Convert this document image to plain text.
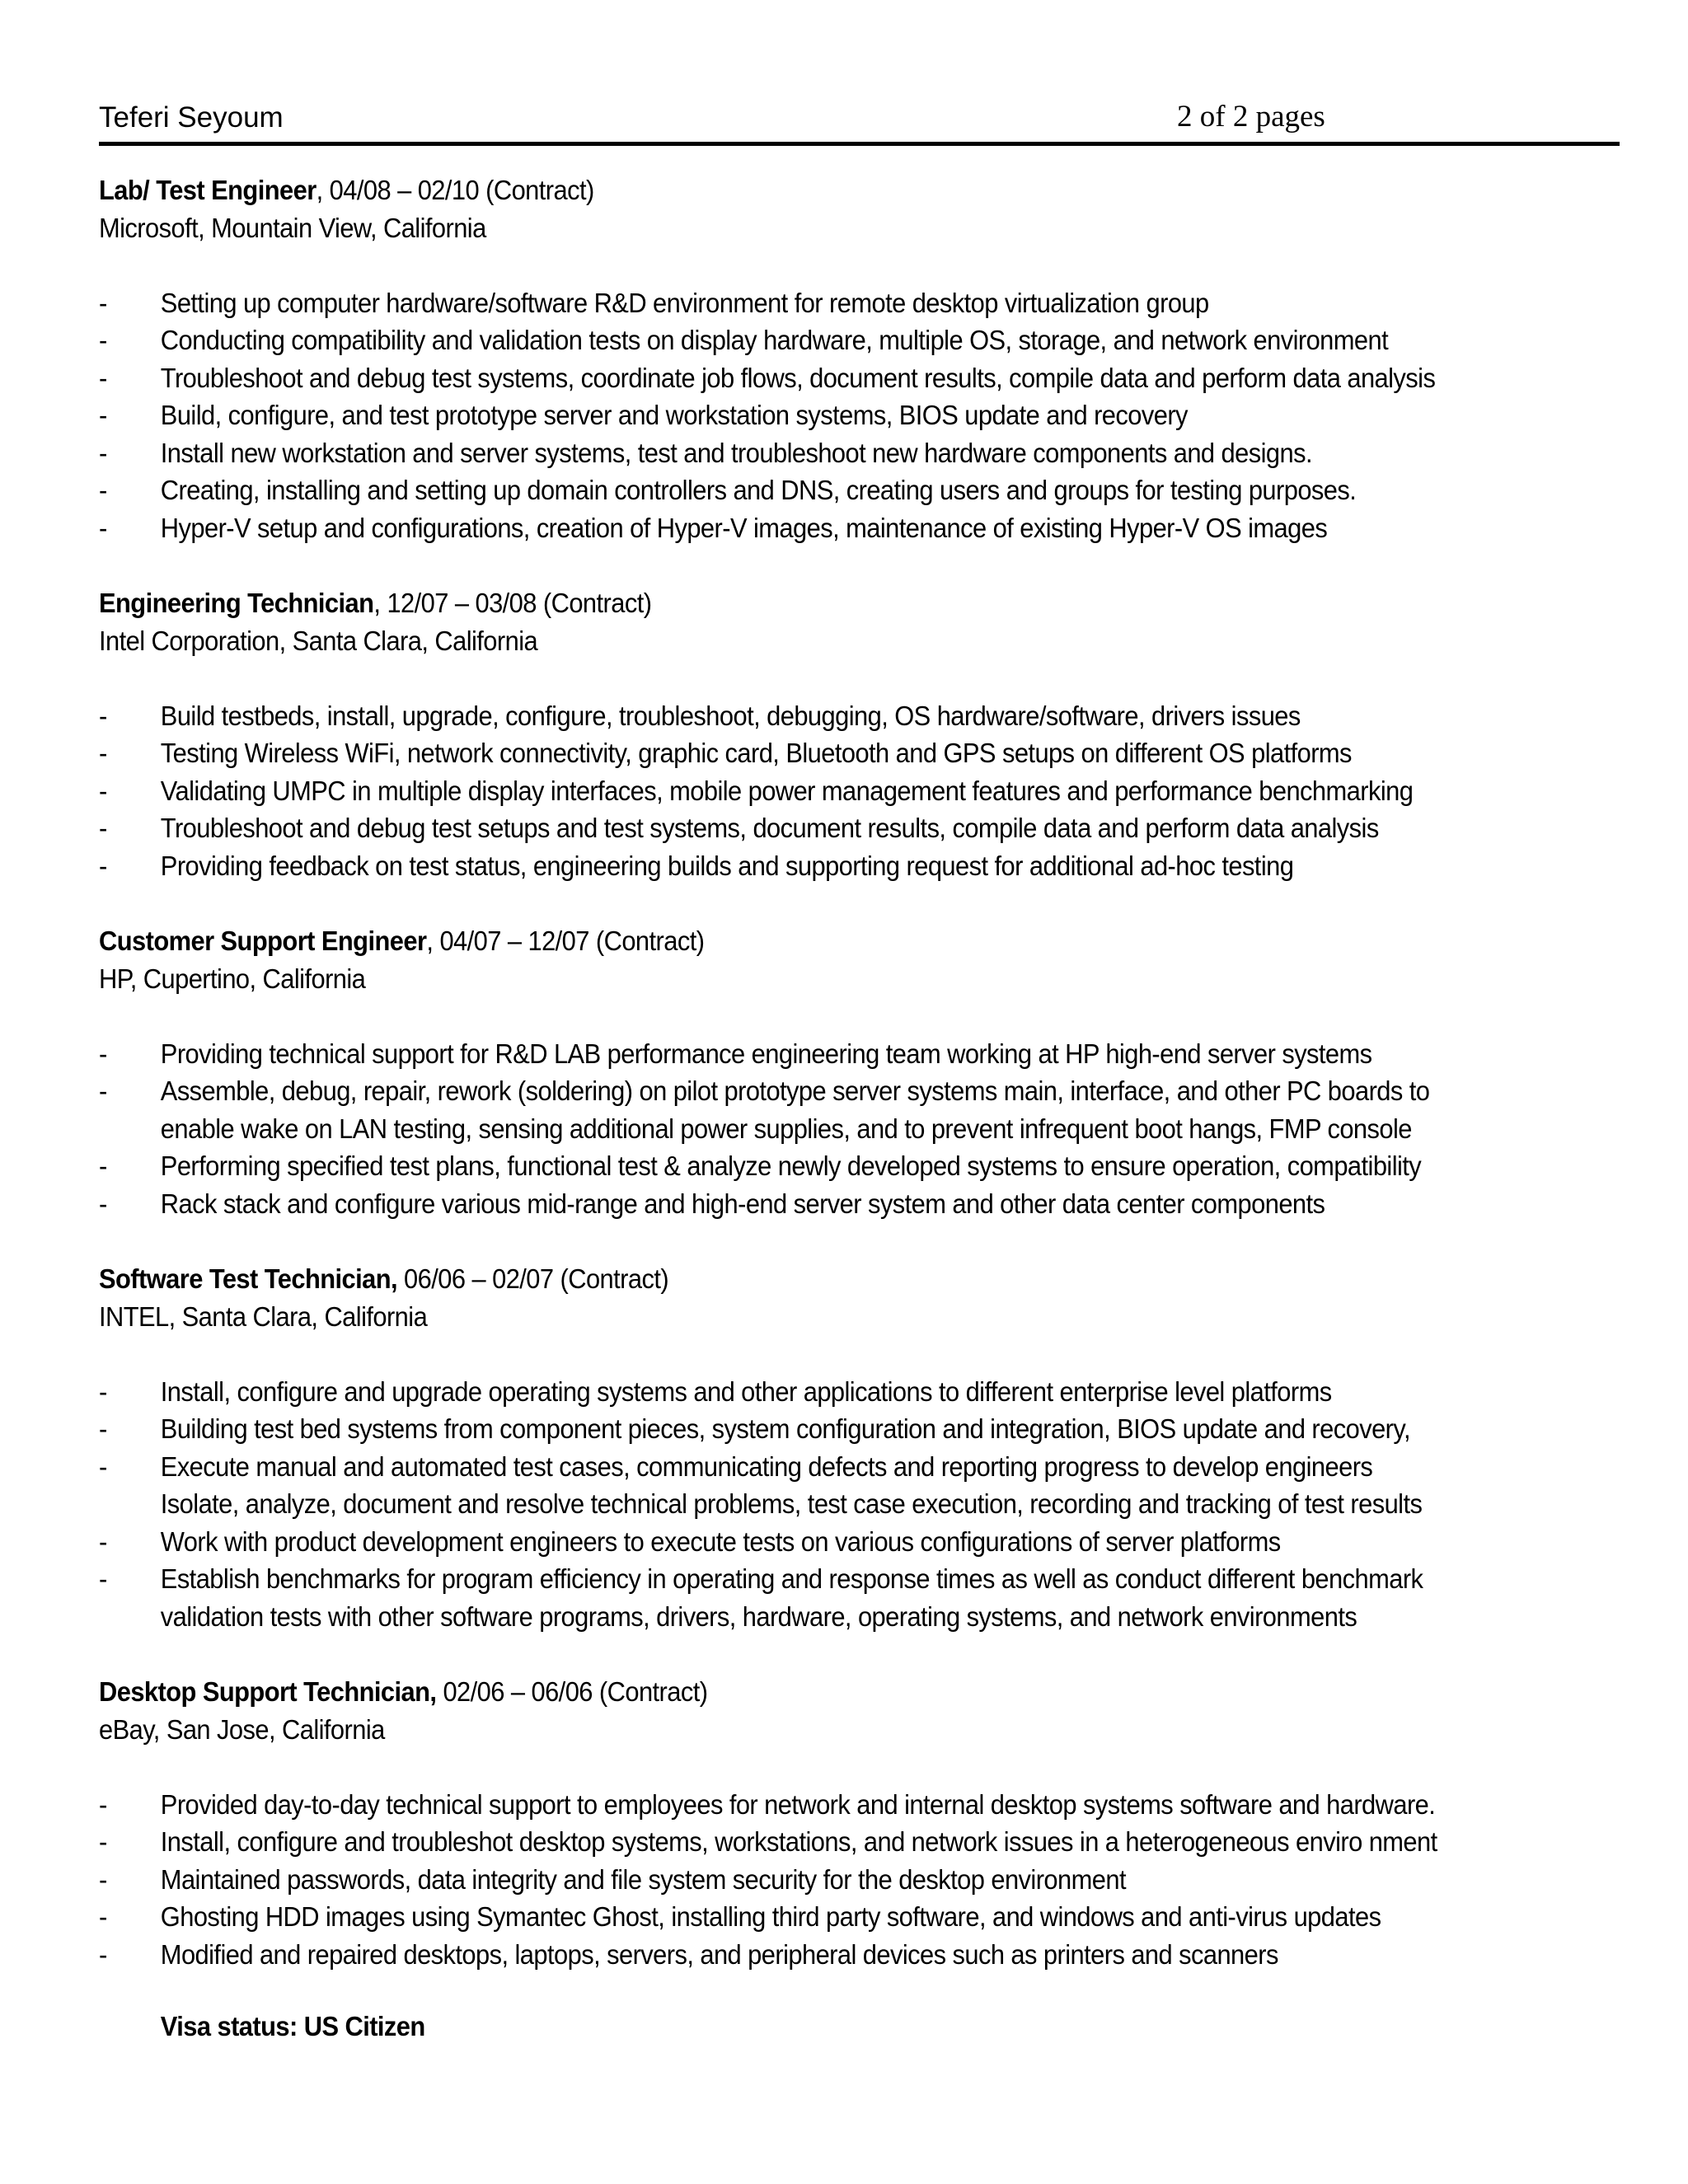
Teferi Seyoum	2 of 2 pages
Lab/ Test Engineer, 04/08 – 02/10 (Contract)
Microsoft, Mountain View, California
- Setting up computer hardware/software R&D environment for remote desktop virtualization group
- Conducting compatibility and validation tests on display hardware, multiple OS, storage, and network environment
- Troubleshoot and debug test systems, coordinate job flows, document results, compile data and perform data analysis
- Build, configure, and test prototype server and workstation systems, BIOS update and recovery
- Install new workstation and server systems, test and troubleshoot new hardware components and designs.
- Creating, installing and setting up domain controllers and DNS, creating users and groups for testing purposes.
- Hyper-V setup and configurations, creation of Hyper-V images, maintenance of existing Hyper-V OS images
Engineering Technician, 12/07 – 03/08 (Contract)
Intel Corporation, Santa Clara, California
- Build testbeds, install, upgrade, configure, troubleshoot, debugging, OS hardware/software, drivers issues
- Testing Wireless WiFi, network connectivity, graphic card, Bluetooth and GPS setups on different OS platforms
- Validating UMPC in multiple display interfaces, mobile power management features and performance benchmarking
- Troubleshoot and debug test setups and test systems, document results, compile data and perform data analysis
- Providing feedback on test status, engineering builds and supporting request for additional ad-hoc testing
Customer Support Engineer, 04/07 – 12/07 (Contract)
HP, Cupertino, California
- Providing technical support for R&D LAB performance engineering team working at HP high-end server systems
- Assemble, debug, repair, rework (soldering) on pilot prototype server systems main, interface, and other PC boards to
enable wake on LAN testing, sensing additional power supplies, and to prevent infrequent boot hangs, FMP console
- Performing specified test plans, functional test & analyze newly developed systems to ensure operation, compatibility
- Rack stack and configure various mid-range and high-end server system and other data center components
Software Test Technician, 06/06 – 02/07 (Contract)
INTEL, Santa Clara, California
- Install, configure and upgrade operating systems and other applications to different enterprise level platforms
- Building test bed systems from component pieces, system configuration and integration, BIOS update and recovery,
- Execute manual and automated test cases, communicating defects and reporting progress to develop engineers
Isolate, analyze, document and resolve technical problems, test case execution, recording and tracking of test results
- Work with product development engineers to execute tests on various configurations of server platforms
- Establish benchmarks for program efficiency in operating and response times as well as conduct different benchmark
validation tests with other software programs, drivers, hardware, operating systems, and network environments
Desktop Support Technician, 02/06 – 06/06 (Contract)
eBay, San Jose, California
- Provided day-to-day technical support to employees for network and internal desktop systems software and hardware.
- Install, configure and troubleshot desktop systems, workstations, and network issues in a heterogeneous enviro nment
- Maintained passwords, data integrity and file system security for the desktop environment
- Ghosting HDD images using Symantec Ghost, installing third party software, and windows and anti-virus updates
- Modified and repaired desktops, laptops, servers, and peripheral devices such as printers and scanners
Visa status: US Citizen
